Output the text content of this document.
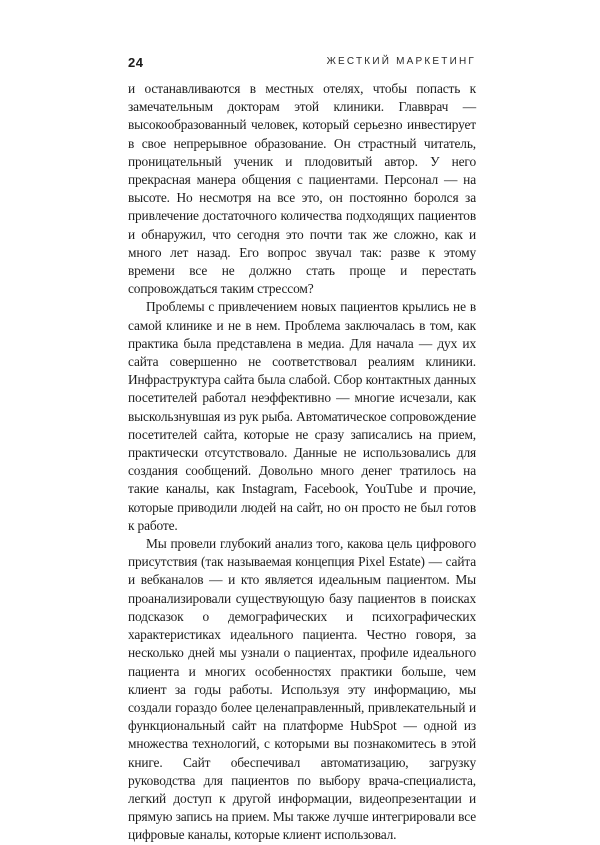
24	ЖЕСТКИЙ МАРКЕТИНГ

и останавливаются в местных отелях, чтобы попасть к замечательным докторам этой клиники. Главврач — высокообразованный человек, который серьезно инвестирует в свое непрерывное образование. Он страстный читатель, проницательный ученик и плодовитый автор. У него прекрасная манера общения с пациентами. Персонал — на высоте. Но несмотря на все это, он постоянно боролся за привлечение достаточного количества подходящих пациентов и обнаружил, что сегодня это почти так же сложно, как и много лет назад. Его вопрос звучал так: разве к этому времени все не должно стать проще и перестать сопровождаться таким стрессом?

Проблемы с привлечением новых пациентов крылись не в самой клинике и не в нем. Проблема заключалась в том, как практика была представлена в медиа. Для начала — дух их сайта совершенно не соответствовал реалиям клиники. Инфраструктура сайта была слабой. Сбор контактных данных посетителей работал неэффективно — многие исчезали, как выскользнувшая из рук рыба. Автоматическое сопровождение посетителей сайта, которые не сразу записались на прием, практически отсутствовало. Данные не использовались для создания сообщений. Довольно много денег тратилось на такие каналы, как Instagram, Facebook, YouTube и прочие, которые приводили людей на сайт, но он просто не был готов к работе.

Мы провели глубокий анализ того, какова цель цифрового присутствия (так называемая концепция Pixel Estate) — сайта и вебканалов — и кто является идеальным пациентом. Мы проанализировали существующую базу пациентов в поисках подсказок о демографических и психографических характеристиках идеального пациента. Честно говоря, за несколько дней мы узнали о пациентах, профиле идеального пациента и многих особенностях практики больше, чем клиент за годы работы. Используя эту информацию, мы создали гораздо более целенаправленный, привлекательный и функциональный сайт на платформе HubSpot — одной из множества технологий, с которыми вы познакомитесь в этой книге. Сайт обеспечивал автоматизацию, загрузку руководства для пациентов по выбору врача-специалиста, легкий доступ к другой информации, видеопрезентации и прямую запись на прием. Мы также лучше интегрировали все цифровые каналы, которые клиент использовал.
